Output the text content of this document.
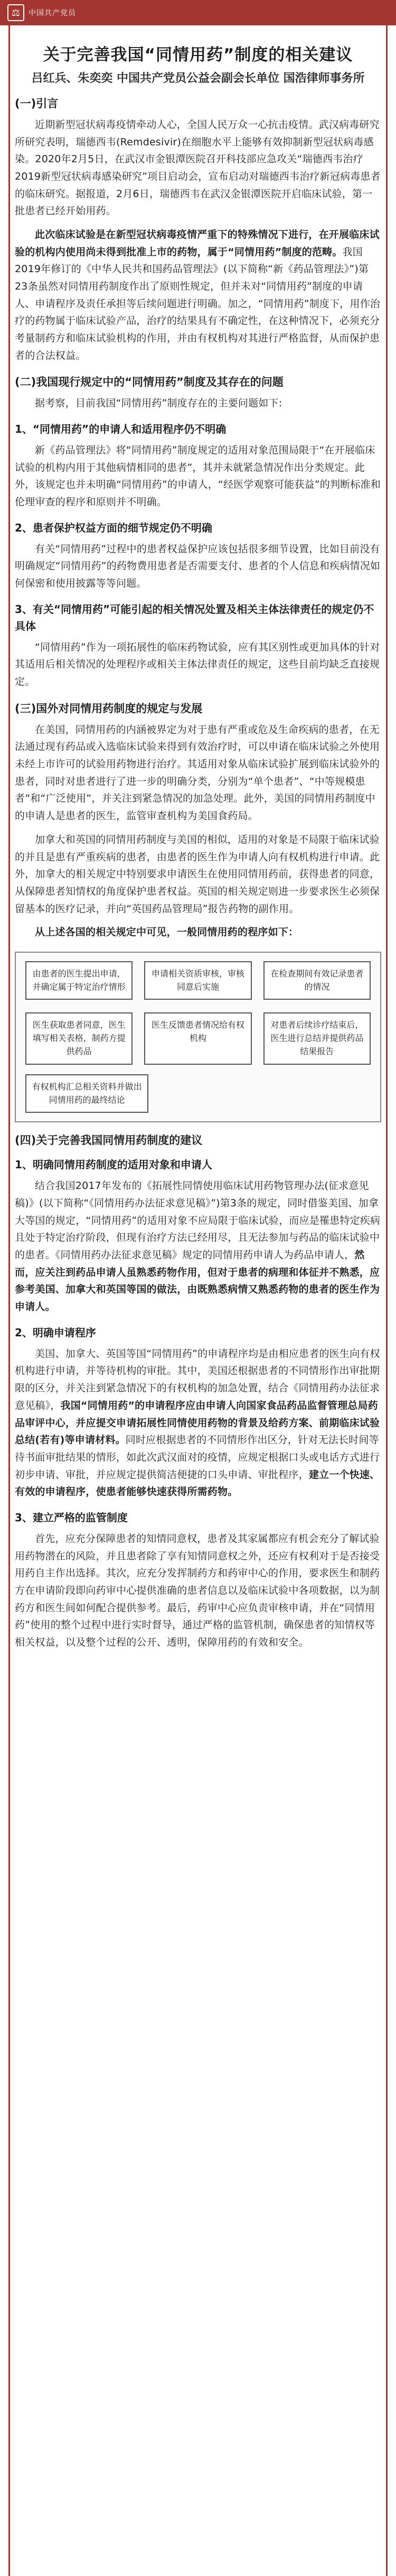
⚖	中国共产党员
关于完善我国“同情用药”制度的相关建议
吕红兵、朱奕奕 中国共产党员公益会副会长单位 国浩律师事务所
(一)引言

近期新型冠状病毒疫情牵动人心，全国人民万众一心抗击疫情。武汉病毒研究所研究表明，瑞德西韦(Remdesivir)在细胞水平上能够有效抑制新型冠状病毒感染。2020年2月5日，在武汉市金银潭医院召开科技部应急攻关“瑞德西韦治疗2019新型冠状病毒感染研究”项目启动会，宣布启动对瑞德西韦治疗新冠病毒患者的临床研究。据报道，2月6日，瑞德西韦在武汉金银潭医院开启临床试验，第一批患者已经开始用药。

此次临床试验是在新型冠状病毒疫情严重下的特殊情况下进行，在开展临床试验的机构内使用尚未得到批准上市的药物，属于“同情用药”制度的范畴。我国2019年修订的《中华人民共和国药品管理法》(以下简称“新《药品管理法》”)第23条虽然对同情用药制度作出了原则性规定，但并未对“同情用药”制度的申请人、申请程序及责任承担等后续问题进行明确。加之，“同情用药”制度下，用作治疗的药物属于临床试验产品，治疗的结果具有不确定性，在这种情况下，必须充分考量制药方和临床试验机构的作用，并由有权机构对其进行严格监督，从而保护患者的合法权益。

(二)我国现行规定中的“同情用药”制度及其存在的问题

据考察，目前我国“同情用药”制度存在的主要问题如下:

1、“同情用药”的申请人和适用程序仍不明确

新《药品管理法》将“同情用药”制度规定的适用对象范围局限于“在开展临床试验的机构内用于其他病情相同的患者”，其并未就紧急情况作出分类规定。此外，该规定也并未明确“同情用药”的申请人，“经医学观察可能获益”的判断标准和伦理审查的程序和原则并不明确。

2、患者保护权益方面的细节规定仍不明确

有关“同情用药”过程中的患者权益保护应该包括很多细节设置，比如目前没有明确规定“同情用药”的药物费用患者是否需要支付、患者的个人信息和疾病情况如何保密和使用披露等等问题。

3、有关“同情用药”可能引起的相关情况处置及相关主体法律责任的规定仍不具体

“同情用药”作为一项拓展性的临床药物试验，应有其区别性或更加具体的针对其适用后相关情况的处理程序或相关主体法律责任的规定，这些目前均缺乏直接规定。

(三)国外对同情用药制度的规定与发展

在美国，同情用药的内涵被界定为对于患有严重或危及生命疾病的患者，在无法通过现有药品或入选临床试验来得到有效治疗时，可以申请在临床试验之外使用未经上市许可的试验用药物进行治疗。其适用对象从临床试验扩展到临床试验外的患者，同时对患者进行了进一步的明确分类，分别为“单个患者”、“中等规模患者”和“广泛使用”，并关注到紧急情况的加急处理。此外，美国的同情用药制度中的申请人是患者的医生，监管审查机构为美国食药局。

加拿大和英国的同情用药制度与美国的相似，适用的对象是不局限于临床试验的并且是患有严重疾病的患者，由患者的医生作为申请人向有权机构进行申请。此外，加拿大的相关规定中特别要求申请医生在使用同情用药前，获得患者的同意，从保障患者知情权的角度保护患者权益。英国的相关规定则进一步要求医生必须保留基本的医疗记录，并向“英国药品管理局”报告药物的副作用。

从上述各国的相关规定中可见，一般同情用药的程序如下：

由患者的医生提出申请，并确定属于特定治疗情形
申请相关资质审核，审核同意后实施
在检查期间有效记录患者的情况
医生获取患者同意，医生填写相关表格，制药方提供药品
医生反馈患者情况给有权机构
对患者后续诊疗结束后，医生进行总结并提供药品结果报告
有权机构汇总相关资料并做出同情用药的最终结论
(四)关于完善我国同情用药制度的建议
1、明确同情用药制度的适用对象和申请人

结合我国2017年发布的《拓展性同情使用临床试用药物管理办法(征求意见稿)》(以下简称“《同情用药办法征求意见稿》”)第3条的规定，同时借鉴美国、加拿大等国的规定，“同情用药”的适用对象不应局限于临床试验，而应是罹患特定疾病且处于特定治疗阶段，但现有治疗方法已经用尽，且无法参加与药品的临床试验中的患者。《同情用药办法征求意见稿》规定的同情用药申请人为药品申请人，然而，应关注到药品申请人虽熟悉药物作用，但对于患者的病理和体征并不熟悉，应参考美国、加拿大和英国等国的做法，由既熟悉病情又熟悉药物的患者的医生作为申请人。

2、明确申请程序

美国、加拿大、英国等国“同情用药”的申请程序均是由相应患者的医生向有权机构进行申请，并等待机构的审批。其中，美国还根据患者的不同情形作出审批期限的区分，并关注到紧急情况下的有权机构的加急处置，结合《同情用药办法征求意见稿》，我国“同情用药”的申请程序应由申请人向国家食品药品监督管理总局药品审评中心，并应提交申请拓展性同情使用药物的背景及给药方案、前期临床试验总结(若有)等申请材料。同时应根据患者的不同情形作出区分，针对无法长时间等待书面审批结果的情形，如此次武汉面对的疫情，应规定根据口头或电话方式进行初步申请、审批，并应规定提供简洁便捷的口头申请、审批程序，建立一个快速、有效的申请程序，使患者能够快速获得所需药物。

3、建立严格的监管制度

首先，应充分保障患者的知情同意权，患者及其家属都应有机会充分了解试验用药物潜在的风险，并且患者除了享有知情同意权之外，还应有权利对于是否接受用药自主作出选择。其次，应充分发挥制药方和药审中心的作用，要求医生和制药方在申请阶段即向药审中心提供准确的患者信息以及临床试验中各项数据，以为制药方和医生间如何配合提供参考。最后，药审中心应负责审核申请，并在“同情用药”使用的整个过程中进行实时督导，通过严格的监管机制，确保患者的知情权等相关权益，以及整个过程的公开、透明，保障用药的有效和安全。
